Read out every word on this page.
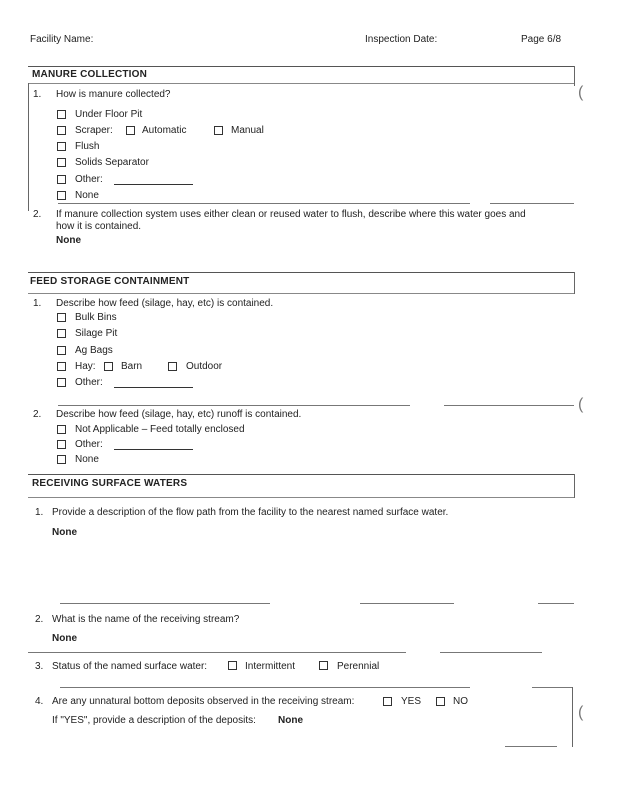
Facility Name:	Inspection Date:	Page 6/8
MANURE COLLECTION
(
1. How is manure collected?
Under Floor Pit
Scraper:	Automatic	Manual
Flush
Solids Separator
Other:
None
2. If manure collection system uses either clean or reused water to flush, describe where this water goes and
how it is contained.
None
FEED STORAGE CONTAINMENT
1. Describe how feed (silage, hay, etc) is contained.
Bulk Bins
Silage Pit
Ag Bags
Hay:	Barn	Outdoor
Other:
(
2. Describe how feed (silage, hay, etc) runoff is contained.
Not Applicable – Feed totally enclosed
Other:
None
RECEIVING SURFACE WATERS
1. Provide a description of the flow path from the facility to the nearest named surface water.
None
2. What is the name of the receiving stream?
None
3. Status of the named surface water:	Intermittent	Perennial
4. Are any unnatural bottom deposits observed in the receiving stream:	YES	NO
If "YES", provide a description of the deposits: None	(
